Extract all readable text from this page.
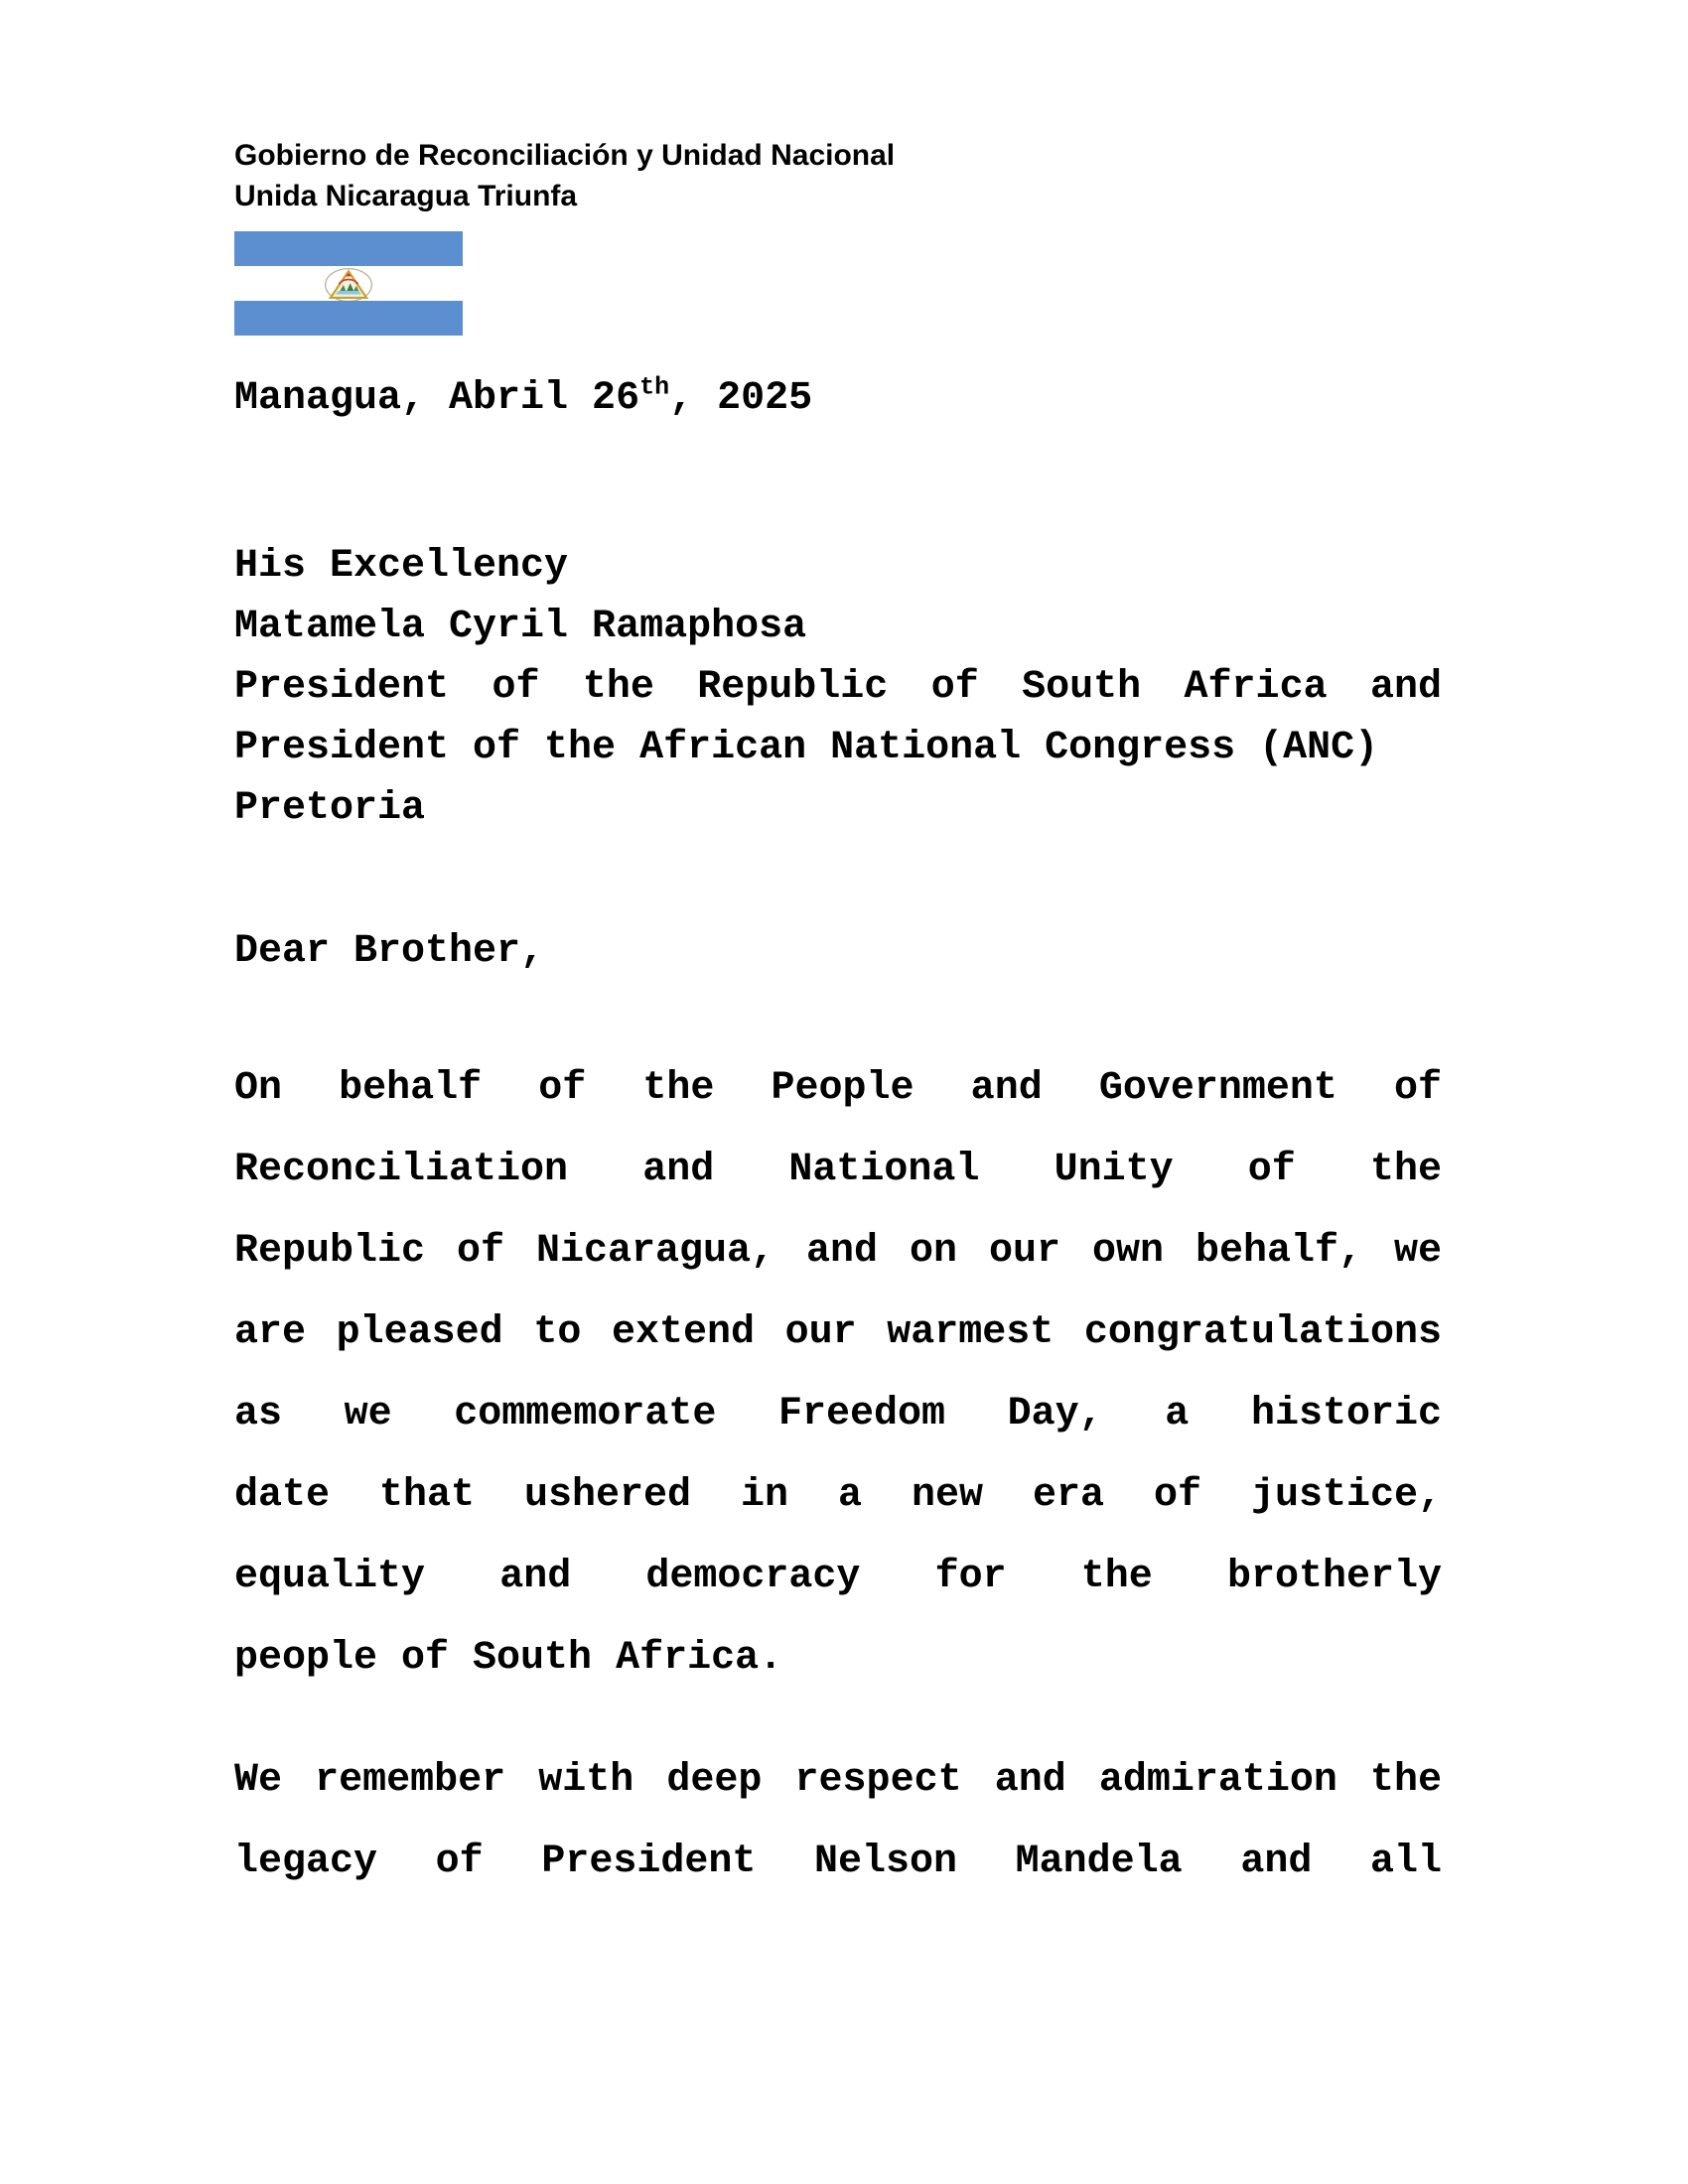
Gobierno de Reconciliación y Unidad Nacional
Unida Nicaragua Triunfa
Managua, Abril 26th, 2025
His Excellency
Matamela Cyril Ramaphosa
President of the Republic of South Africa and
President of the African National Congress (ANC)
Pretoria
Dear Brother,
On behalf of the People and Government of
Reconciliation and National Unity of the
Republic of Nicaragua, and on our own behalf, we
are pleased to extend our warmest congratulations
as we commemorate Freedom Day, a historic
date that ushered in a new era of justice,
equality and democracy for the brotherly
people of South Africa.
We remember with deep respect and admiration the
legacy of President Nelson Mandela and all
